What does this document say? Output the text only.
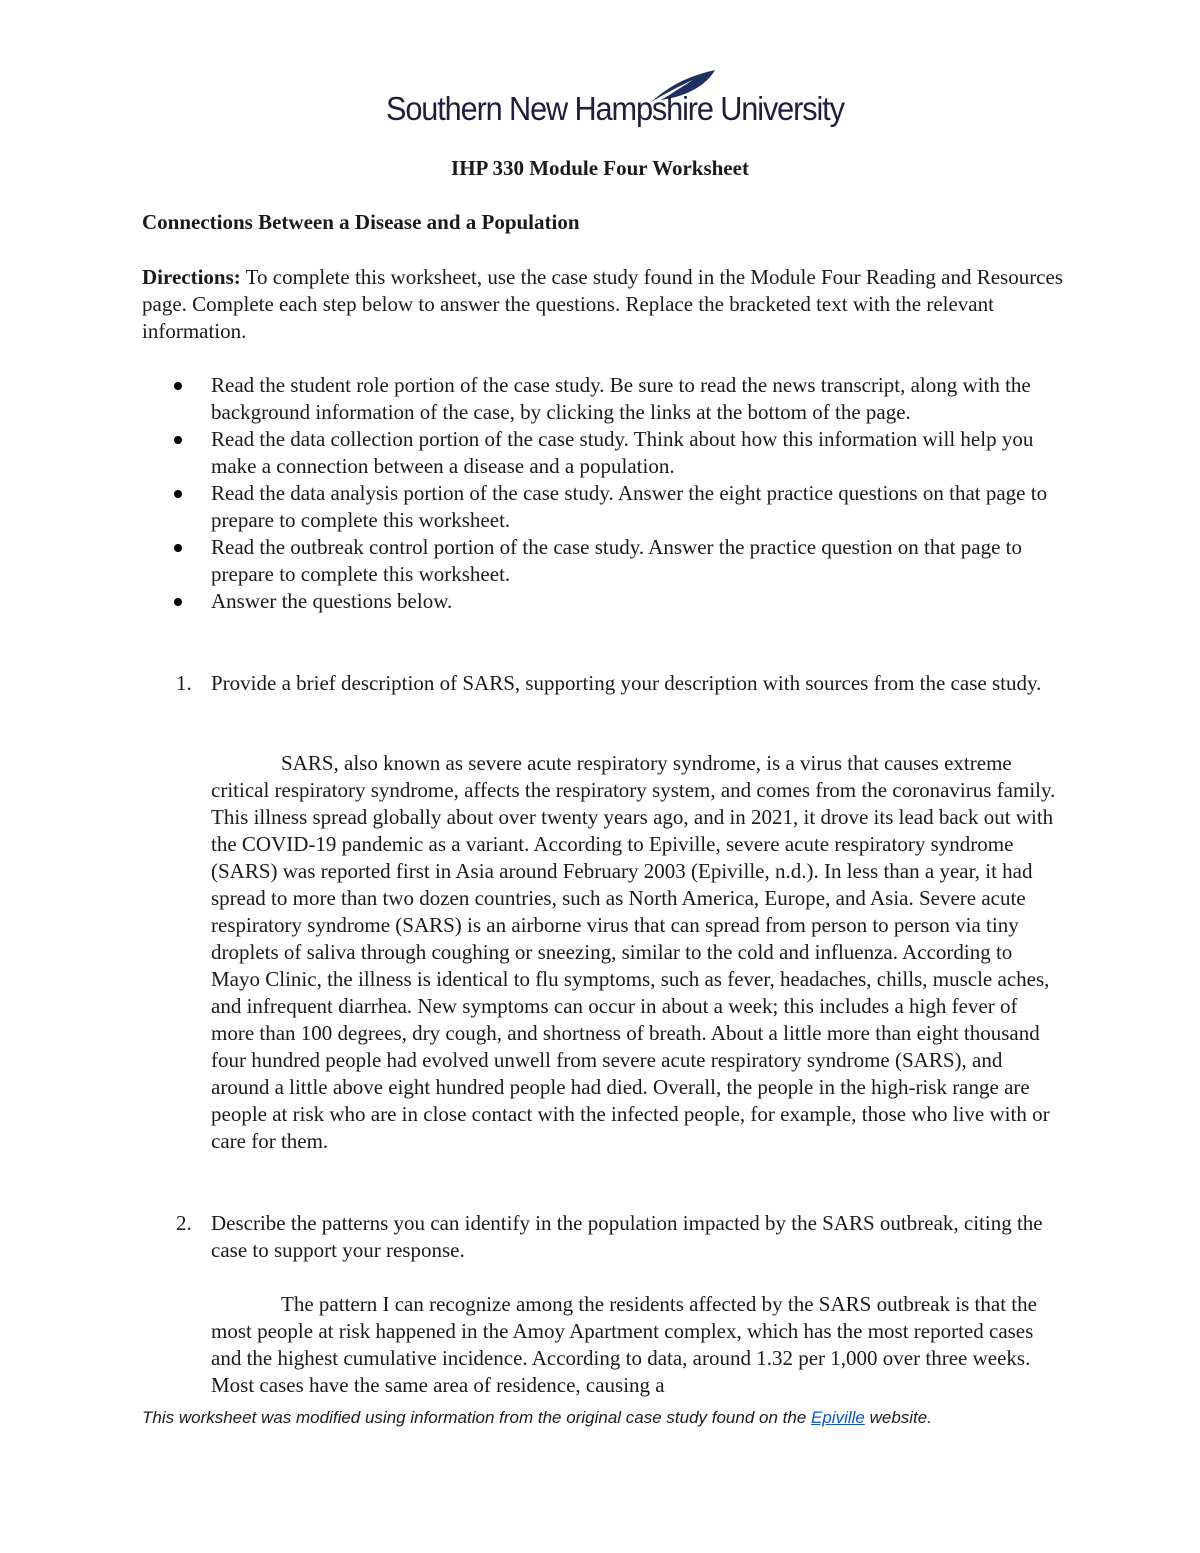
Southern New Hampshire University
IHP 330 Module Four Worksheet
Connections Between a Disease and a Population
Directions: To complete this worksheet, use the case study found in the Module Four Reading and Resources page. Complete each step below to answer the questions. Replace the bracketed text with the relevant information.
Read the student role portion of the case study. Be sure to read the news transcript, along with the background information of the case, by clicking the links at the bottom of the page.
Read the data collection portion of the case study. Think about how this information will help you make a connection between a disease and a population.
Read the data analysis portion of the case study. Answer the eight practice questions on that page to prepare to complete this worksheet.
Read the outbreak control portion of the case study. Answer the practice question on that page to prepare to complete this worksheet.
Answer the questions below.
1. Provide a brief description of SARS, supporting your description with sources from the case study.
SARS, also known as severe acute respiratory syndrome, is a virus that causes extreme critical respiratory syndrome, affects the respiratory system, and comes from the coronavirus family. This illness spread globally about over twenty years ago, and in 2021, it drove its lead back out with the COVID-19 pandemic as a variant. According to Epiville, severe acute respiratory syndrome (SARS) was reported first in Asia around February 2003 (Epiville, n.d.). In less than a year, it had spread to more than two dozen countries, such as North America, Europe, and Asia. Severe acute respiratory syndrome (SARS) is an airborne virus that can spread from person to person via tiny droplets of saliva through coughing or sneezing, similar to the cold and influenza. According to Mayo Clinic, the illness is identical to flu symptoms, such as fever, headaches, chills, muscle aches, and infrequent diarrhea. New symptoms can occur in about a week; this includes a high fever of more than 100 degrees, dry cough, and shortness of breath. About a little more than eight thousand four hundred people had evolved unwell from severe acute respiratory syndrome (SARS), and around a little above eight hundred people had died. Overall, the people in the high-risk range are people at risk who are in close contact with the infected people, for example, those who live with or care for them.
2. Describe the patterns you can identify in the population impacted by the SARS outbreak, citing the case to support your response.
The pattern I can recognize among the residents affected by the SARS outbreak is that the most people at risk happened in the Amoy Apartment complex, which has the most reported cases and the highest cumulative incidence. According to data, around 1.32 per 1,000 over three weeks. Most cases have the same area of residence, causing a
This worksheet was modified using information from the original case study found on the Epiville website.
